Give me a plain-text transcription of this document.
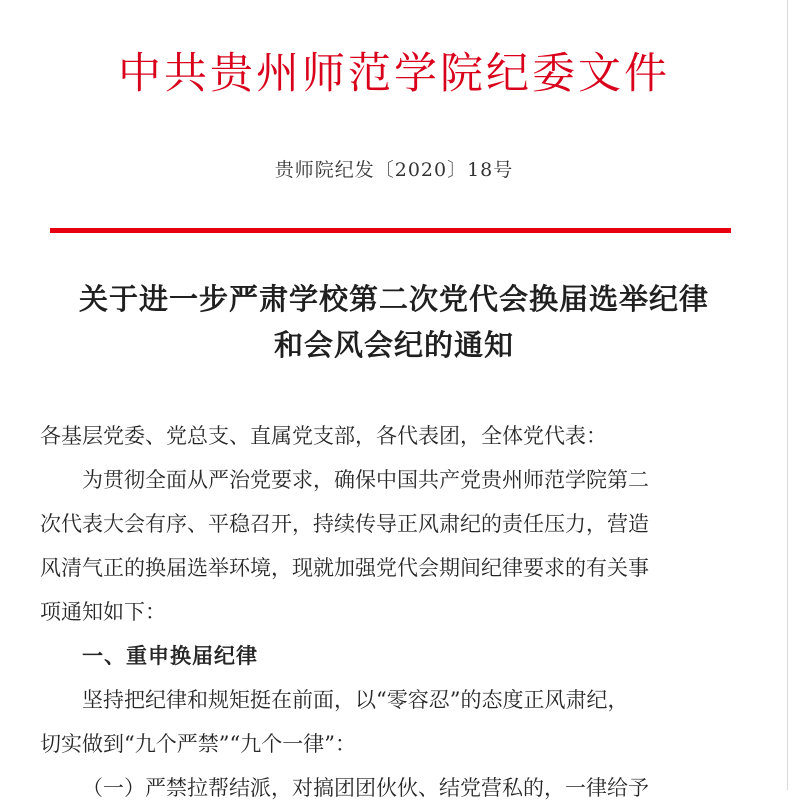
中共贵州师范学院纪委文件
贵师院纪发〔2020〕18号
关于进一步严肃学校第二次党代会换届选举纪律
和会风会纪的通知
各基层党委、党总支、直属党支部，各代表团，全体党代表：
为贯彻全面从严治党要求，确保中国共产党贵州师范学院第二
次代表大会有序、平稳召开，持续传导正风肃纪的责任压力，营造
风清气正的换届选举环境，现就加强党代会期间纪律要求的有关事
项通知如下：
一、重申换届纪律
坚持把纪律和规矩挺在前面，以“零容忍”的态度正风肃纪，
切实做到“九个严禁”“九个一律”：
（一）严禁拉帮结派，对搞团团伙伙、结党营私的，一律给予
